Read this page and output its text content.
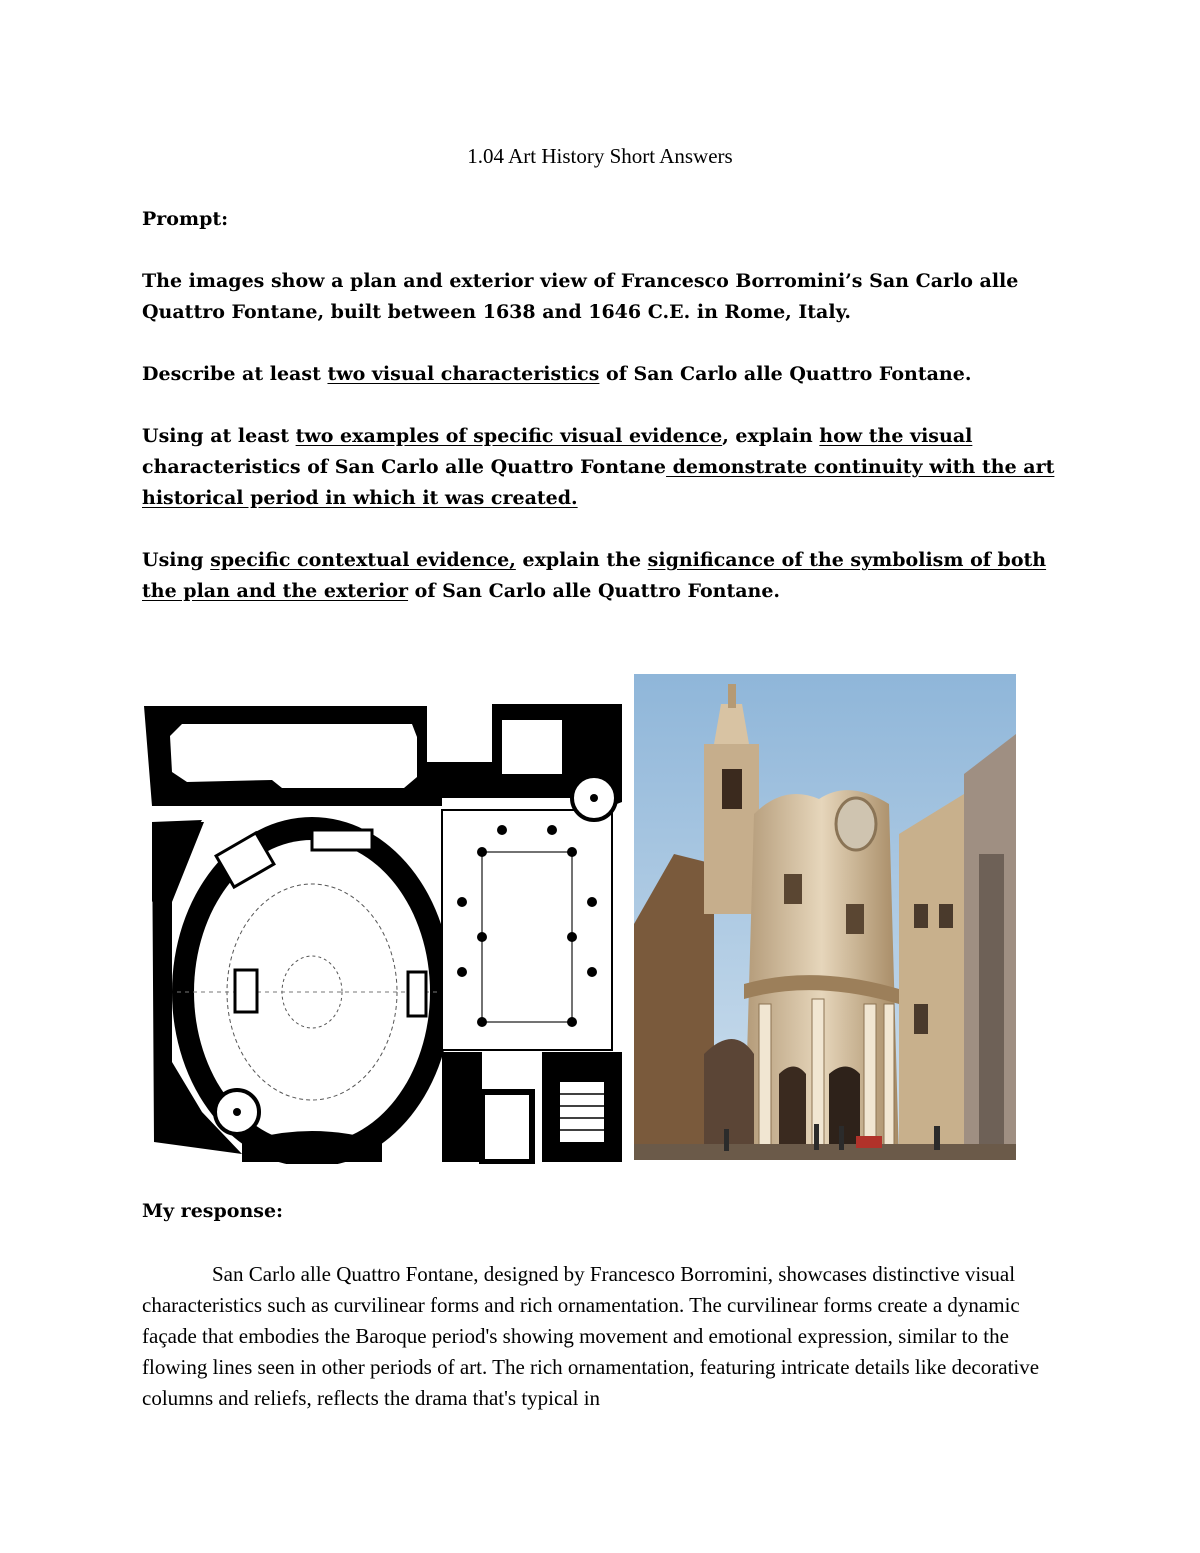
1.04 Art History Short Answers
Prompt:
The images show a plan and exterior view of Francesco Borromini’s San Carlo alle Quattro Fontane, built between 1638 and 1646 C.E. in Rome, Italy.
Describe at least two visual characteristics of San Carlo alle Quattro Fontane.
Using at least two examples of specific visual evidence, explain how the visual characteristics of San Carlo alle Quattro Fontane demonstrate continuity with the art historical period in which it was created.
Using specific contextual evidence, explain the significance of the symbolism of both the plan and the exterior of San Carlo alle Quattro Fontane.
My response:
San Carlo alle Quattro Fontane, designed by Francesco Borromini, showcases distinctive visual characteristics such as curvilinear forms and rich ornamentation. The curvilinear forms create a dynamic façade that embodies the Baroque period's showing movement and emotional expression, similar to the flowing lines seen in other periods of art. The rich ornamentation, featuring intricate details like decorative columns and reliefs, reflects the drama that's typical in
